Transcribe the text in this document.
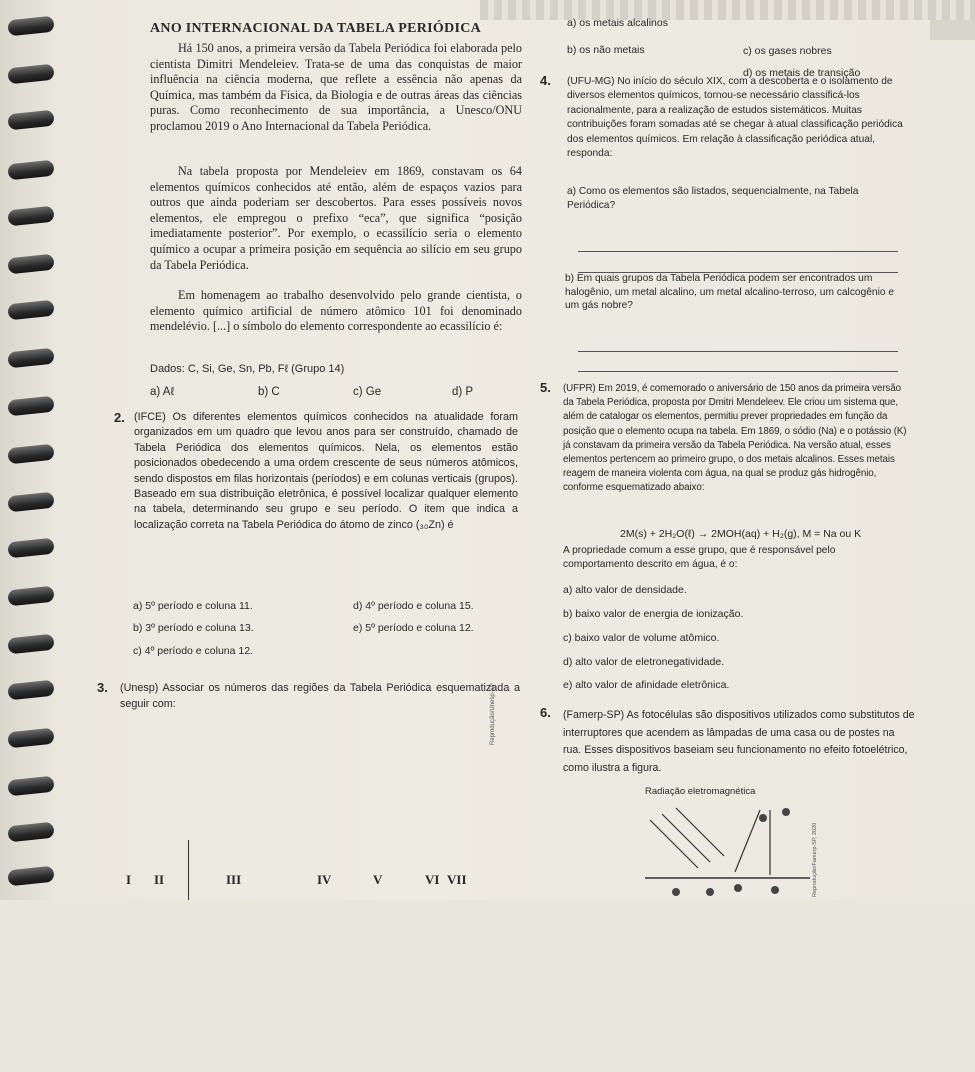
a) os metais alcalinos
b) os não metais	c) os gases nobres
d) os metais de transição
ANO INTERNACIONAL DA TABELA PERIÓDICA
Há 150 anos, a primeira versão da Tabela Periódica foi elaborada pelo cientista Dimitri Mendeleiev. Trata-se de uma das conquistas de maior influência na ciência moderna, que reflete a essência não apenas da Química, mas também da Física, da Biologia e de outras áreas das ciências puras. Como reconhecimento de sua importância, a Unesco/ONU proclamou 2019 o Ano Internacional da Tabela Periódica.
Na tabela proposta por Mendeleiev em 1869, constavam os 64 elementos químicos conhecidos até então, além de espaços vazios para outros que ainda poderiam ser descobertos. Para esses possíveis novos elementos, ele empregou o prefixo “eca”, que significa “posição imediatamente posterior”. Por exemplo, o ecassilício seria o elemento químico a ocupar a primeira posição em sequência ao silício em seu grupo da Tabela Periódica.
Em homenagem ao trabalho desenvolvido pelo grande cientista, o elemento químico artificial de número atômico 101 foi denominado mendelévio. [...] o símbolo do elemento correspondente ao ecassilício é:
Dados: C, Si, Ge, Sn, Pb, Fℓ (Grupo 14)
a) Aℓ	b) C	c) Ge	d) P
2. (IFCE) Os diferentes elementos químicos conhecidos na atualidade foram organizados em um quadro que levou anos para ser construído, chamado de Tabela Periódica dos elementos químicos. Nela, os elementos estão posicionados obedecendo a uma ordem crescente de seus números atômicos, sendo dispostos em filas horizontais (períodos) e em colunas verticais (grupos). Baseado em sua distribuição eletrônica, é possível localizar qualquer elemento na tabela, determinando seu grupo e seu período. O item que indica a localização correta na Tabela Periódica do átomo de zinco (₃₀Zn) é
a) 5º período e coluna 11.
b) 3º período e coluna 13.
c) 4º período e coluna 12.
d) 4º período e coluna 15.
e) 5º período e coluna 12.
3. (Unesp) Associar os números das regiões da Tabela Periódica esquematizada a seguir com:
I II	III	IV	V	VI VII
Reprodução/Unesp-SP
4. (UFU-MG) No início do século XIX, com a descoberta e o isolamento de diversos elementos químicos, tornou-se necessário classificá-los racionalmente, para a realização de estudos sistemáticos. Muitas contribuições foram somadas até se chegar à atual classificação periódica dos elementos químicos. Em relação à classificação periódica atual, responda:
a) Como os elementos são listados, sequencialmente, na Tabela Periódica?
b) Em quais grupos da Tabela Periódica podem ser encontrados um halogênio, um metal alcalino, um metal alcalino-terroso, um calcogênio e um gás nobre?
5. (UFPR) Em 2019, é comemorado o aniversário de 150 anos da primeira versão da Tabela Periódica, proposta por Dmitri Mendeleev. Ele criou um sistema que, além de catalogar os elementos, permitiu prever propriedades em função da posição que o elemento ocupa na tabela. Em 1869, o sódio (Na) e o potássio (K) já constavam da primeira versão da Tabela Periódica. Na versão atual, esses elementos pertencem ao primeiro grupo, o dos metais alcalinos. Esses metais reagem de maneira violenta com água, na qual se produz gás hidrogênio, conforme esquematizado abaixo:
2M(s) + 2H₂O(ℓ) → 2MOH(aq) + H₂(g), M = Na ou K
A propriedade comum a esse grupo, que é responsável pelo comportamento descrito em água, é o:
a) alto valor de densidade.
b) baixo valor de energia de ionização.
c) baixo valor de volume atômico.
d) alto valor de eletronegatividade.
e) alto valor de afinidade eletrônica.
6. (Famerp-SP) As fotocélulas são dispositivos utilizados como substitutos de interruptores que acendem as lâmpadas de uma casa ou de postes na rua. Esses dispositivos baseiam seu funcionamento no efeito fotoelétrico, como ilustra a figura.
Radiação eletromagnética
Reprodução/Famerp-SP, 2020
